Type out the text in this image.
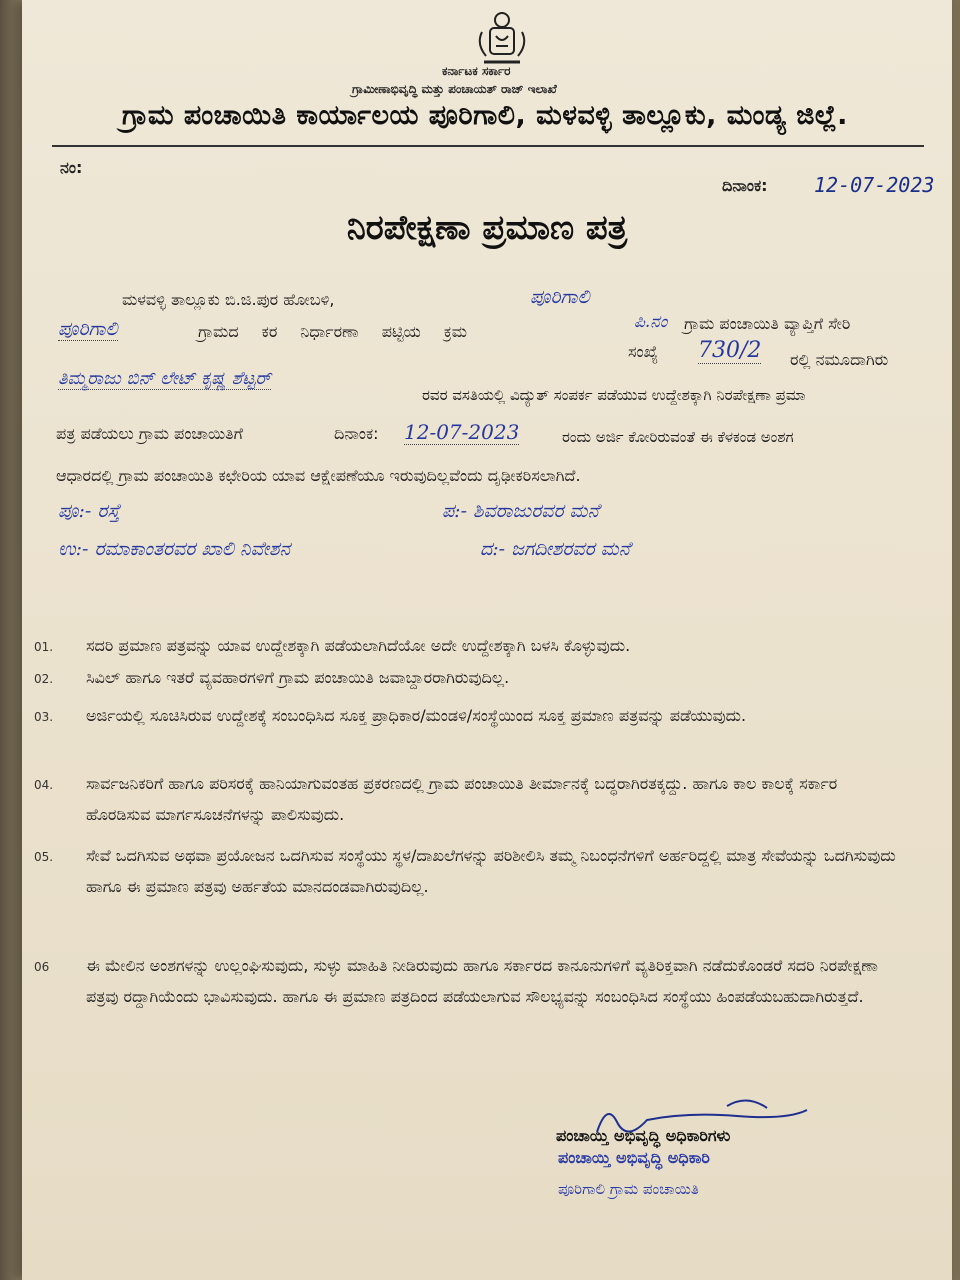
ಕರ್ನಾಟಕ ಸರ್ಕಾರ
ಗ್ರಾಮೀಣಾಭಿವೃದ್ಧಿ ಮತ್ತು ಪಂಚಾಯತ್ ರಾಜ್ ಇಲಾಖೆ
ಗ್ರಾಮ ಪಂಚಾಯಿತಿ ಕಾರ್ಯಾಲಯ ಪೂರಿಗಾಲಿ, ಮಳವಳ್ಳಿ ತಾಲ್ಲೂಕು, ಮಂಡ್ಯ ಜಿಲ್ಲೆ.
ನಂ:
ದಿನಾಂಕ: 12-07-2023
ನಿರಪೇಕ್ಷಣಾ ಪ್ರಮಾಣ ಪತ್ರ
ಮಳವಳ್ಳಿ ತಾಲ್ಲೂಕು ಬಿ.ಜಿ.ಪುರ ಹೋಬಳಿ,	ಪೂರಿಗಾಲಿ
ಗ್ರಾಮ ಪಂಚಾಯಿತಿ ವ್ಯಾಪ್ತಿಗೆ ಸೇರಿ
ಪೂರಿಗಾಲಿ	ಗ್ರಾಮದ ಕರ ನಿರ್ಧಾರಣಾ ಪಟ್ಟಿಯ ಕ್ರಮ	ಪಿ.ನಂ
ಸಂಖ್ಯೆ 730/2 ರಲ್ಲಿ ನಮೂದಾಗಿರು
ತಿಮ್ಮರಾಜು ಬಿನ್ ಲೇಟ್ ಕೃಷ್ಣ ಶೆಟ್ಟರ್
ರವರ ವಸತಿಯಲ್ಲಿ ವಿದ್ಯುತ್ ಸಂಪರ್ಕ ಪಡೆಯುವ ಉದ್ದೇಶಕ್ಕಾಗಿ ನಿರಪೇಕ್ಷಣಾ ಪ್ರಮಾ
ಪತ್ರ ಪಡೆಯಲು ಗ್ರಾಮ ಪಂಚಾಯಿತಿಗೆ	ದಿನಾಂಕ: 12-07-2023	ರಂದು ಅರ್ಜಿ ಕೋರಿರುವಂತೆ ಈ ಕೆಳಕಂಡ ಅಂಶಗ
ಆಧಾರದಲ್ಲಿ ಗ್ರಾಮ ಪಂಚಾಯಿತಿ ಕಛೇರಿಯ ಯಾವ ಆಕ್ಷೇಪಣೆಯೂ ಇರುವುದಿಲ್ಲವೆಂದು ದೃಢೀಕರಿಸಲಾಗಿದೆ.
ಪೂ:- ರಸ್ತೆ	ಪ:- ಶಿವರಾಜುರವರ ಮನೆ
ಉ:- ರಮಾಕಾಂತರವರ ಖಾಲಿ ನಿವೇಶನ	ದ:- ಜಗದೀಶರವರ ಮನೆ
01. ಸದರಿ ಪ್ರಮಾಣ ಪತ್ರವನ್ನು ಯಾವ ಉದ್ದೇಶಕ್ಕಾಗಿ ಪಡೆಯಲಾಗಿದೆಯೋ ಅದೇ ಉದ್ದೇಶಕ್ಕಾಗಿ ಬಳಸಿ ಕೊಳ್ಳುವುದು.
02. ಸಿವಿಲ್ ಹಾಗೂ ಇತರೆ ವ್ಯವಹಾರಗಳಿಗೆ ಗ್ರಾಮ ಪಂಚಾಯಿತಿ ಜವಾಬ್ದಾರರಾಗಿರುವುದಿಲ್ಲ.
03. ಅರ್ಜಿಯಲ್ಲಿ ಸೂಚಿಸಿರುವ ಉದ್ದೇಶಕ್ಕೆ ಸಂಬಂಧಿಸಿದ ಸೂಕ್ತ ಪ್ರಾಧಿಕಾರ/ಮಂಡಳಿ/ಸಂಸ್ಥೆಯಿಂದ ಸೂಕ್ತ ಪ್ರಮಾಣ ಪತ್ರವನ್ನು ಪಡೆಯುವುದು.
04. ಸಾರ್ವಜನಿಕರಿಗೆ ಹಾಗೂ ಪರಿಸರಕ್ಕೆ ಹಾನಿಯಾಗುವಂತಹ ಪ್ರಕರಣದಲ್ಲಿ ಗ್ರಾಮ ಪಂಚಾಯಿತಿ ತೀರ್ಮಾನಕ್ಕೆ ಬದ್ಧರಾಗಿರತಕ್ಕದ್ದು. ಹಾಗೂ ಕಾಲ ಕಾಲಕ್ಕೆ ಸರ್ಕಾರ ಹೊರಡಿಸುವ ಮಾರ್ಗಸೂಚನೆಗಳನ್ನು ಪಾಲಿಸುವುದು.
05. ಸೇವೆ ಒದಗಿಸುವ ಅಥವಾ ಪ್ರಯೋಜನ ಒದಗಿಸುವ ಸಂಸ್ಥೆಯು ಸ್ಥಳ/ದಾಖಲೆಗಳನ್ನು ಪರಿಶೀಲಿಸಿ ತಮ್ಮ ನಿಬಂಧನೆಗಳಿಗೆ ಅರ್ಹರಿದ್ದಲ್ಲಿ ಮಾತ್ರ ಸೇವೆಯನ್ನು ಒದಗಿಸುವುದು ಹಾಗೂ ಈ ಪ್ರಮಾಣ ಪತ್ರವು ಅರ್ಹತೆಯ ಮಾನದಂಡವಾಗಿರುವುದಿಲ್ಲ.
06 ಈ ಮೇಲಿನ ಅಂಶಗಳನ್ನು ಉಲ್ಲಂಘಿಸುವುದು, ಸುಳ್ಳು ಮಾಹಿತಿ ನೀಡಿರುವುದು ಹಾಗೂ ಸರ್ಕಾರದ ಕಾನೂನುಗಳಿಗೆ ವ್ಯತಿರಿಕ್ತವಾಗಿ ನಡೆದುಕೊಂಡರೆ ಸದರಿ ನಿರಪೇಕ್ಷಣಾ ಪತ್ರವು ರದ್ದಾಗಿಯೆಂದು ಭಾವಿಸುವುದು. ಹಾಗೂ ಈ ಪ್ರಮಾಣ ಪತ್ರದಿಂದ ಪಡೆಯಲಾಗುವ ಸೌಲಭ್ಯವನ್ನು ಸಂಬಂಧಿಸಿದ ಸಂಸ್ಥೆಯು ಹಿಂಪಡೆಯಬಹುದಾಗಿರುತ್ತದೆ.
ಪಂಚಾಯ್ತಿ ಅಭಿವೃದ್ಧಿ ಅಧಿಕಾರಿಗಳು
ಪಂಚಾಯ್ತಿ ಅಭಿವೃದ್ಧಿ ಅಧಿಕಾರಿ
ಪೂರಿಗಾಲಿ ಗ್ರಾಮ ಪಂಚಾಯಿತಿ
